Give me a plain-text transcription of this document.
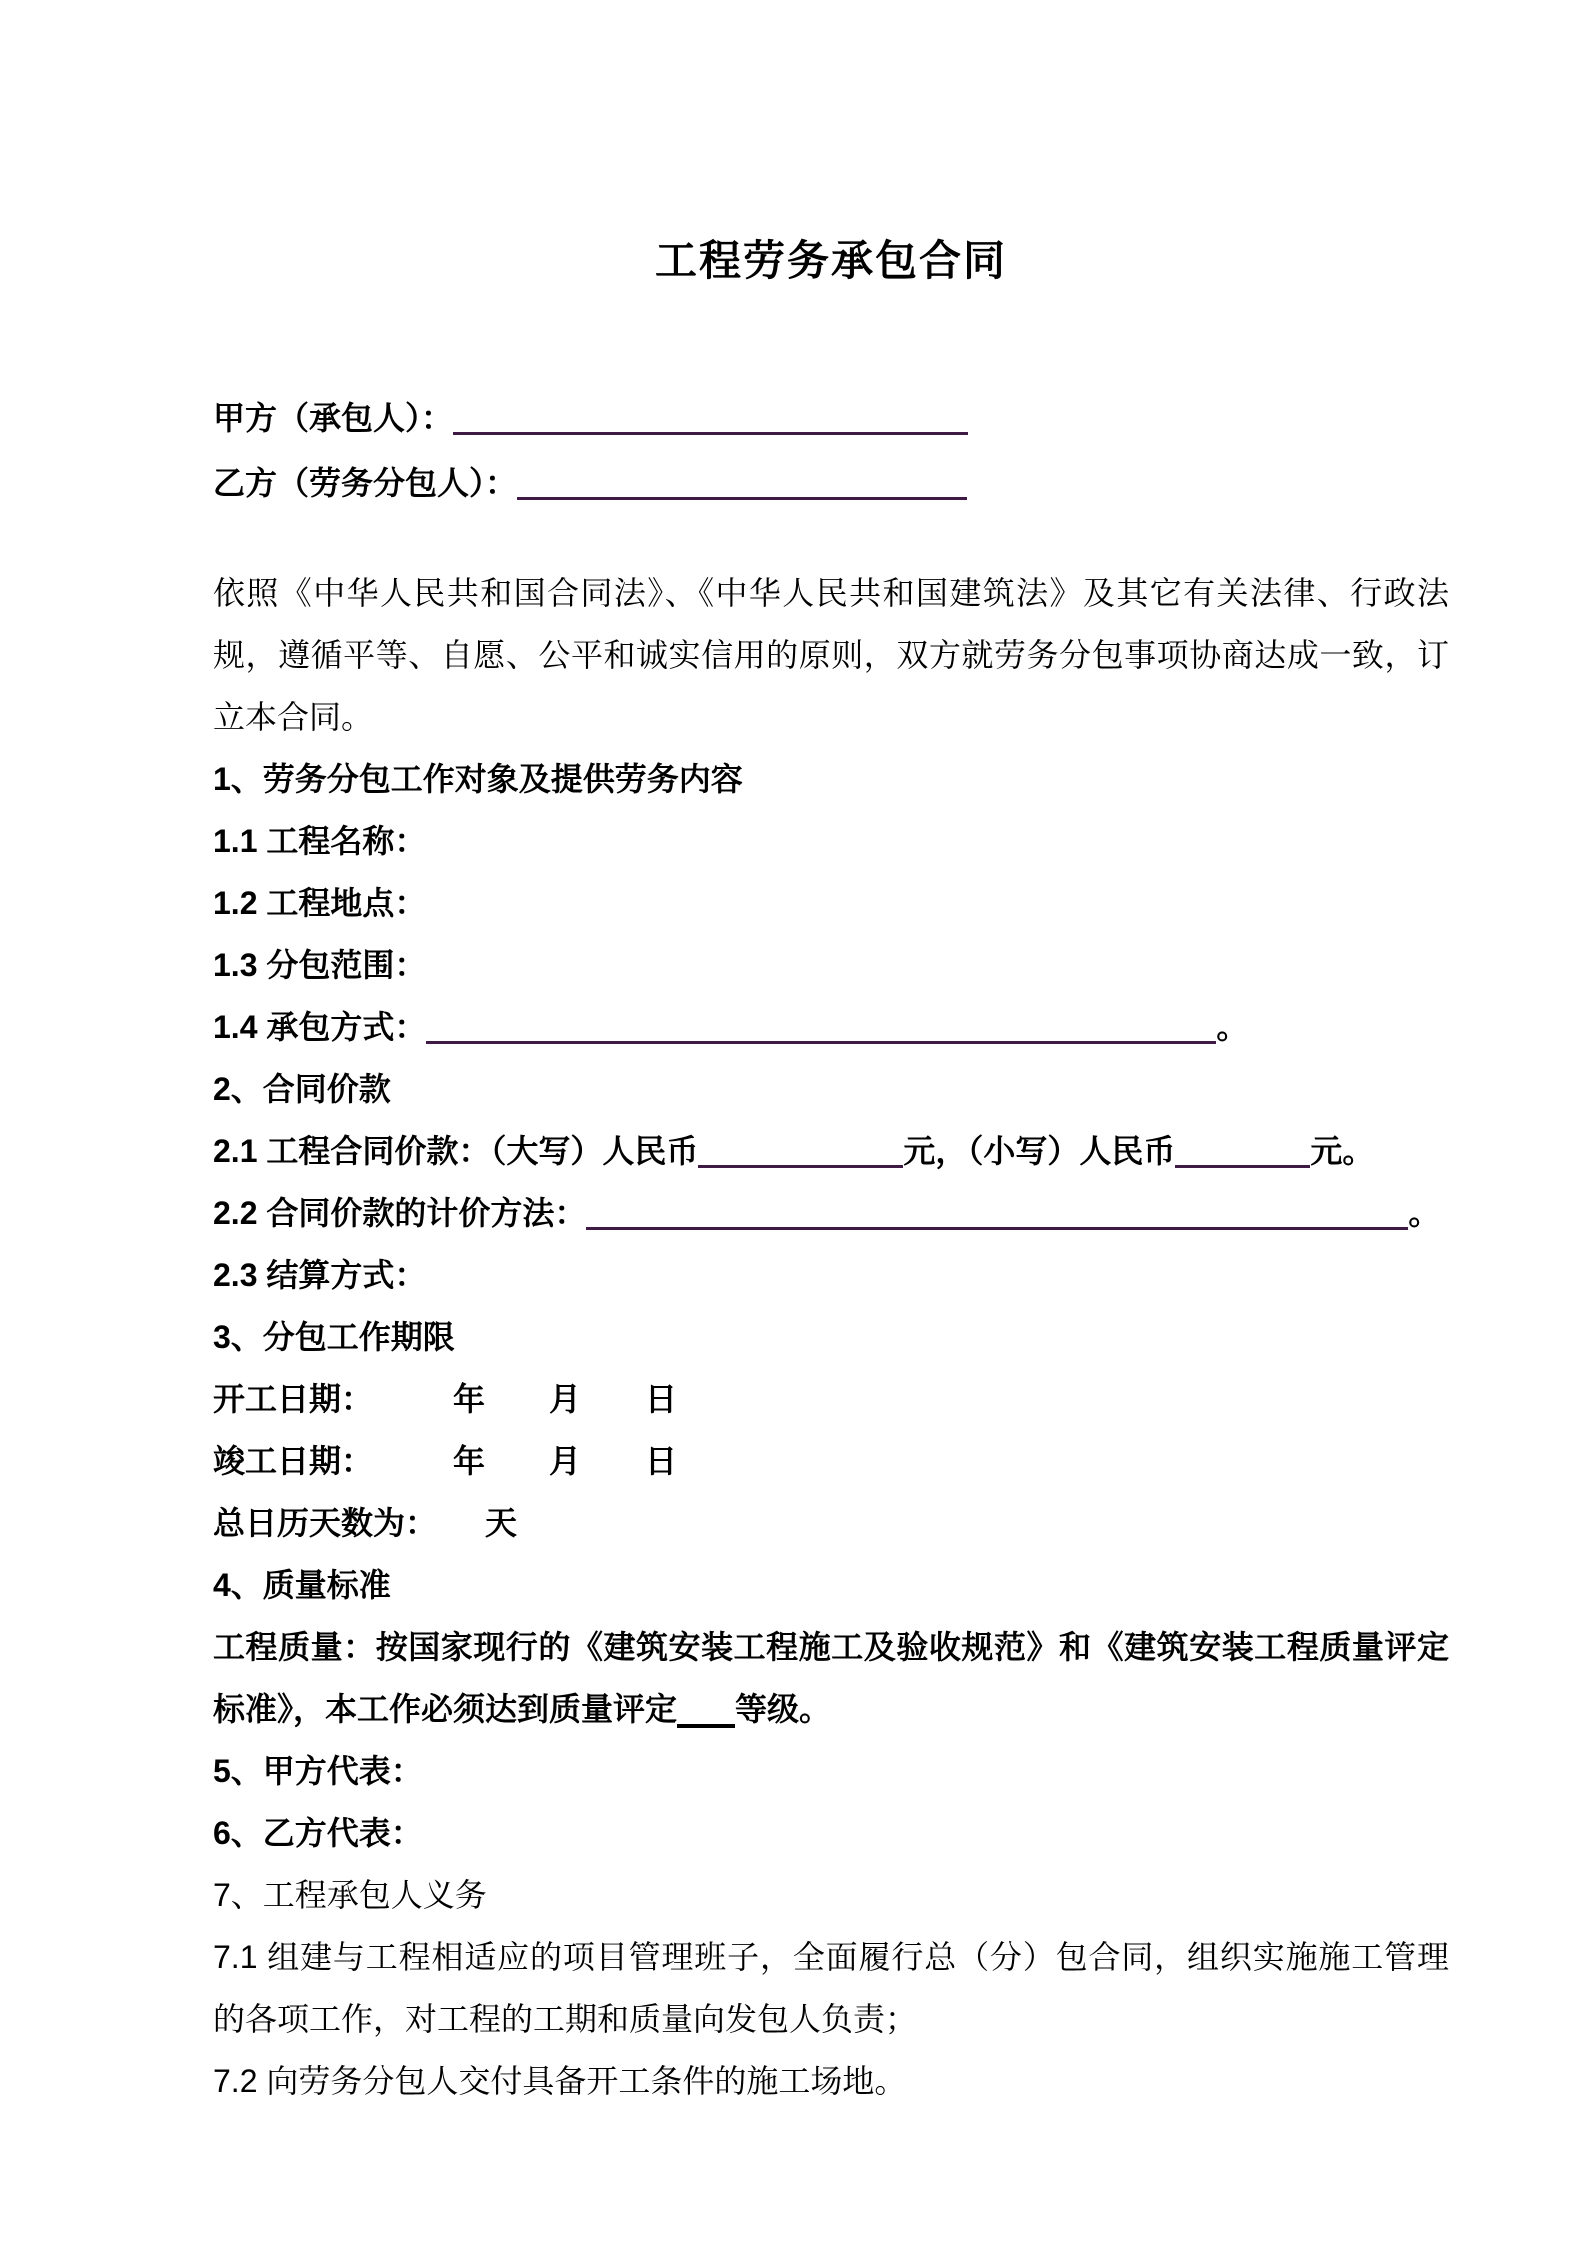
工程劳务承包合同
甲方（承包人）：
乙方（劳务分包人）：
依照《中华人民共和国合同法》、《中华人民共和国建筑法》及其它有关法律、行政法规，遵循平等、自愿、公平和诚实信用的原则，双方就劳务分包事项协商达成一致，订立本合同。
1、劳务分包工作对象及提供劳务内容
1.1 工程名称：
1.2 工程地点：
1.3 分包范围：
1.4 承包方式：	。
2、合同价款
2.1 工程合同价款：（大写）人民币	元，（小写）人民币	元。
2.2 合同价款的计价方法：	。
2.3 结算方式：
3、分包工作期限
开工日期：　　　年　　月　　日
竣工日期：　　　年　　月　　日
总日历天数为：　　天
4、质量标准
工程质量：按国家现行的《建筑安装工程施工及验收规范》和《建筑安装工程质量评定标准》，本工作必须达到质量评定 等级。
5、甲方代表：
6、乙方代表：
7、工程承包人义务
7.1 组建与工程相适应的项目管理班子，全面履行总（分）包合同，组织实施施工管理的各项工作，对工程的工期和质量向发包人负责；
7.2 向劳务分包人交付具备开工条件的施工场地。
